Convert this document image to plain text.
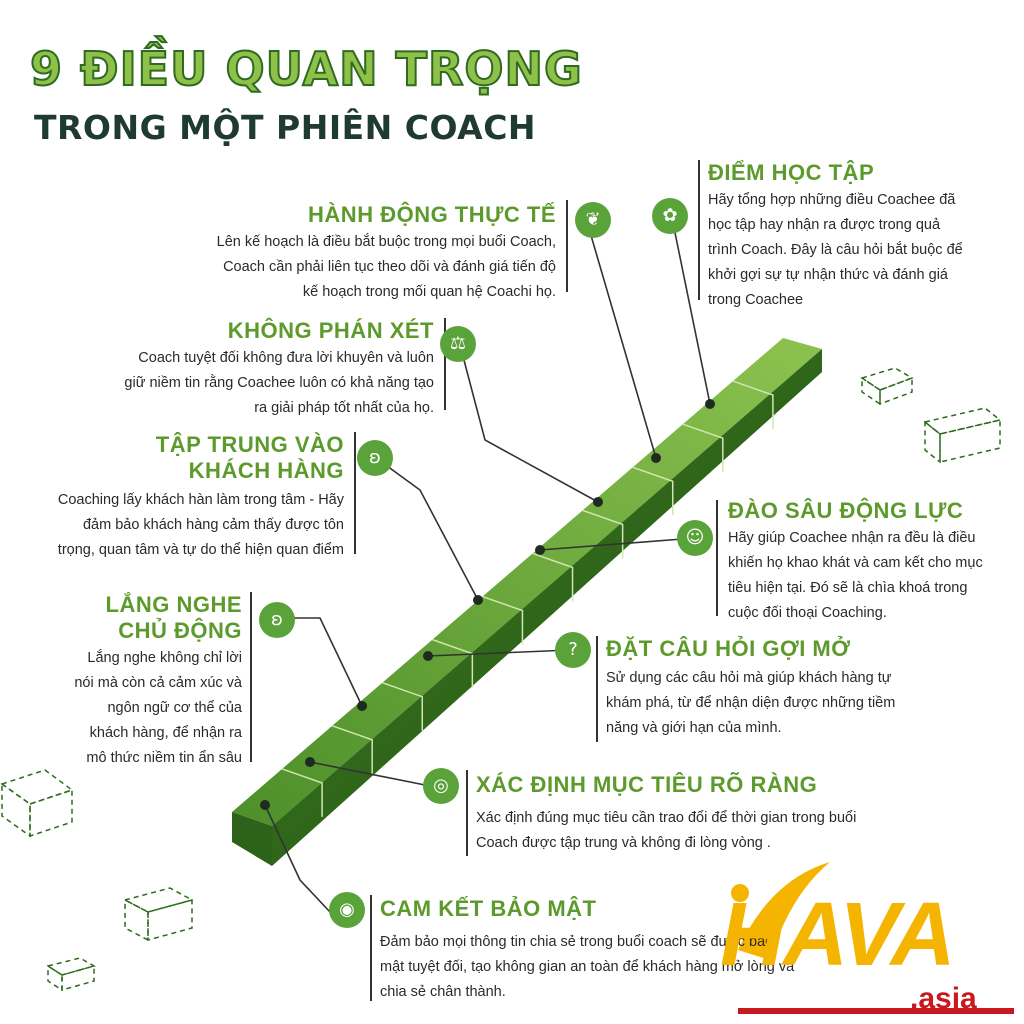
9 ĐIỀU QUAN TRỌNG
TRONG MỘT PHIÊN COACH
ĐIỂM HỌC TẬP
Hãy tổng hợp những điều Coachee đã
học tập hay nhận ra được trong quả
trình Coach. Đây là câu hỏi bắt buộc để
khởi gợi sự tự nhận thức và đánh giá
trong Coachee
✿
HÀNH ĐỘNG THỰC TẾ
Lên kế hoạch là điều bắt buộc trong mọi buổi Coach,
Coach cần phải liên tục theo dõi và đánh giá tiến độ
kế hoạch trong mối quan hệ Coachi họ.
❦
KHÔNG PHÁN XÉT
Coach tuyệt đối không đưa lời khuyên và luôn
giữ niềm tin rằng Coachee luôn có khả năng tạo
ra giải pháp tốt nhất của họ.
⚖
TẬP TRUNG VÀO
KHÁCH HÀNG
Coaching lấy khách hàn làm trong tâm - Hãy
đảm bảo khách hàng cảm thấy được tôn
trọng, quan tâm và tự do thể hiện quan điểm
ʚ
ĐÀO SÂU ĐỘNG LỰC
Hãy giúp Coachee nhận ra đều là điều
khiến họ khao khát và cam kết cho mục
tiêu hiện tại. Đó sẽ là chìa khoá trong
cuộc đối thoại Coaching.
☺
LẮNG NGHE
CHỦ ĐỘNG
Lắng nghe không chỉ lời
nói mà còn cả cảm xúc và
ngôn ngữ cơ thể của
khách hàng, để nhận ra
mô thức niềm tin ẩn sâu
ʚ
ĐẶT CÂU HỎI GỢI MỞ
Sử dụng các câu hỏi mà giúp khách hàng tự
khám phá, từ để nhận diện được những tiềm
năng và giới hạn của mình.
?
XÁC ĐỊNH MỤC TIÊU RÕ RÀNG
Xác định đúng mục tiêu cần trao đổi để thời gian trong buổi
Coach được tập trung và không đi lòng vòng .
◎
CAM KẾT BẢO MẬT
Đảm bảo mọi thông tin chia sẻ trong buổi coach sẽ được bảo
mật tuyệt đối, tạo không gian an toàn để khách hàng mở lòng và
chia sẻ chân thành.
◉	HAVA
.asia
